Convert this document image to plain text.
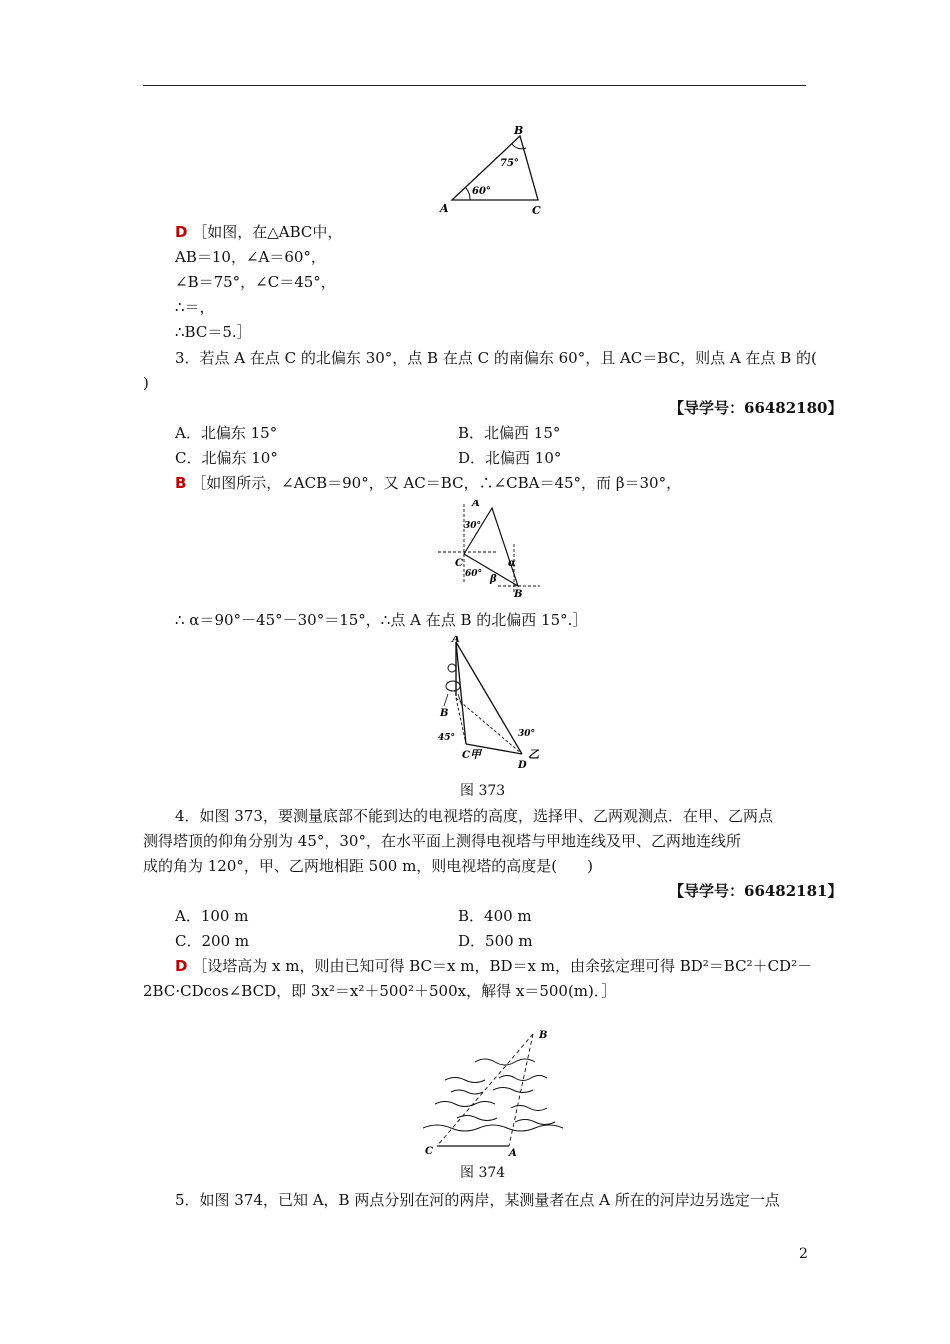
A
B
C
60°
75°
D ［如图，在△ABC中，
AB＝10，∠A＝60°，
∠B＝75°，∠C＝45°，
∴＝，
∴BC＝5.］
3．若点 A 在点 C 的北偏东 30°，点 B 在点 C 的南偏东 60°，且 AC＝BC，则点 A 在点 B 的(
)
【导学号：66482180】
A．北偏东 15°	B．北偏西 15°
C．北偏东 10°	D．北偏西 10°
B ［如图所示，∠ACB＝90°，又 AC＝BC，∴∠CBA＝45°，而 β＝30°，
A
C
B
30°
60°
α
β
∴ α＝90°－45°－30°＝15°，∴点 A 在点 B 的北偏西 15°.］
A
B
C 甲
D
乙
45°	30°
图 373
4．如图 373，要测量底部不能到达的电视塔的高度，选择甲、乙两观测点．在甲、乙两点
测得塔顶的仰角分别为 45°，30°，在水平面上测得电视塔与甲地连线及甲、乙两地连线所
成的角为 120°，甲、乙两地相距 500 m，则电视塔的高度是(　　)
【导学号：66482181】
A．100 m	B．400 m
C．200 m	D．500 m
D ［设塔高为 x m，则由已知可得 BC＝x m，BD＝x m，由余弦定理可得 BD²＝BC²＋CD²－
2BC·CDcos∠BCD，即 3x²＝x²＋500²＋500x，解得 x＝500(m)．］
B
C	A
图 374
5．如图 374，已知 A，B 两点分别在河的两岸，某测量者在点 A 所在的河岸边另选定一点
2
